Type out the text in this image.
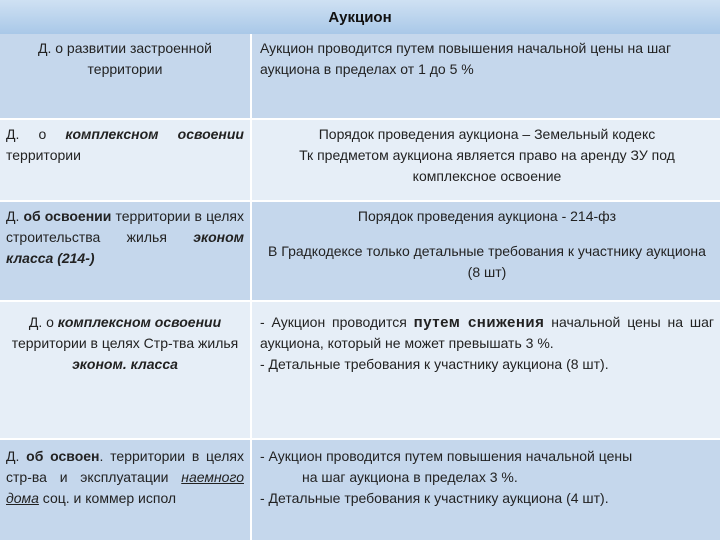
Аукцион
Д. о развитии застроенной территории
Аукцион проводится путем повышения начальной цены на шаг аукциона в пределах от 1 до 5 %
Д. о комплексном освоении территории
Порядок проведения аукциона – Земельный кодекс
Тк предметом аукциона является право на аренду ЗУ под комплексное освоение
Д. об освоении территории в целях строительства жилья эконом класса (214-)
Порядок проведения аукциона - 214-фз
В Градкодексе только детальные требования к участнику аукциона (8 шт)
Д. о комплексном освоении территории в целях Стр-тва жилья эконом. класса
- Аукцион проводится путем снижения начальной цены на шаг аукциона, который не может превышать 3 %.
- Детальные требования к участнику аукциона (8 шт).
Д. об освоен. территории в целях стр-ва и эксплуатации наемного дома соц. и коммер испол
- Аукцион проводится путем повышения начальной цены
на шаг аукциона в пределах 3 %.
- Детальные требования к участнику аукциона (4 шт).
